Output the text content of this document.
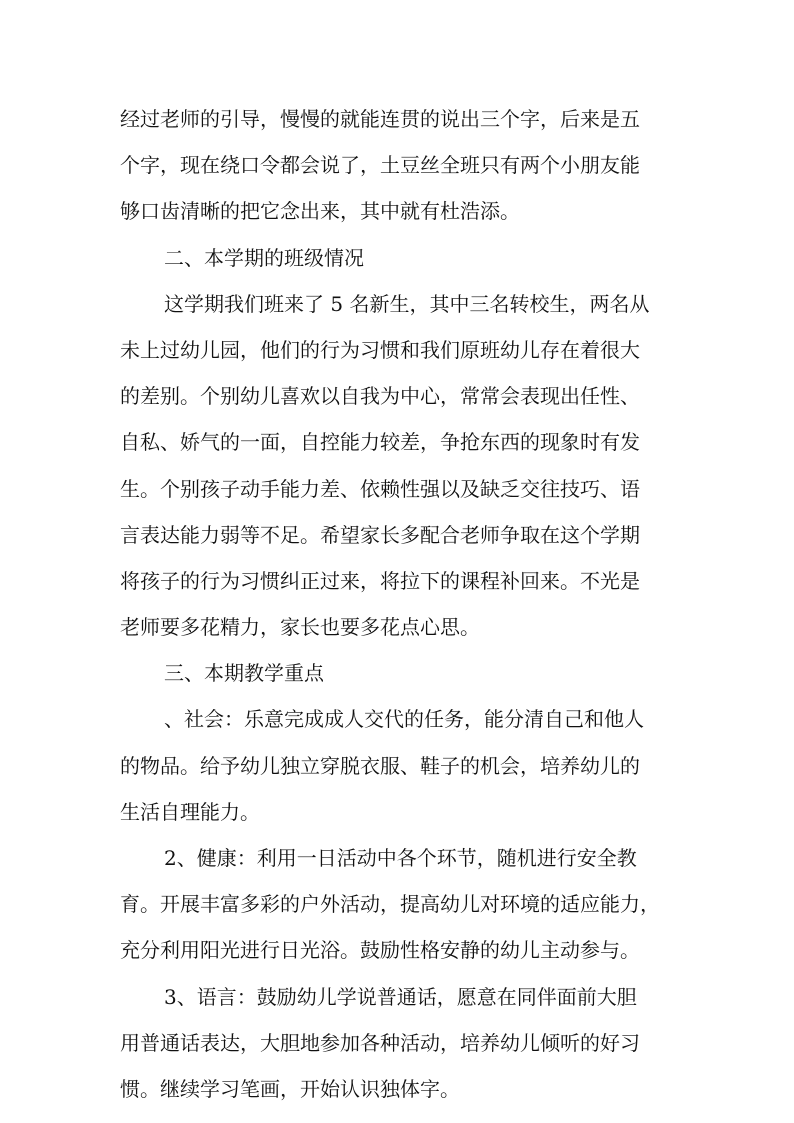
经过老师的引导，慢慢的就能连贯的说出三个字，后来是五
个字，现在绕口令都会说了，土豆丝全班只有两个小朋友能
够口齿清晰的把它念出来，其中就有杜浩添。
二、本学期的班级情况
这学期我们班来了 5 名新生，其中三名转校生，两名从
未上过幼儿园，他们的行为习惯和我们原班幼儿存在着很大
的差别。个别幼儿喜欢以自我为中心，常常会表现出任性、
自私、娇气的一面，自控能力较差，争抢东西的现象时有发
生。个别孩子动手能力差、依赖性强以及缺乏交往技巧、语
言表达能力弱等不足。希望家长多配合老师争取在这个学期
将孩子的行为习惯纠正过来，将拉下的课程补回来。不光是
老师要多花精力，家长也要多花点心思。
三、本期教学重点
、社会：乐意完成成人交代的任务，能分清自己和他人
的物品。给予幼儿独立穿脱衣服、鞋子的机会，培养幼儿的
生活自理能力。
2、健康：利用一日活动中各个环节，随机进行安全教
育。开展丰富多彩的户外活动，提高幼儿对环境的适应能力，
充分利用阳光进行日光浴。鼓励性格安静的幼儿主动参与。
3、语言：鼓励幼儿学说普通话，愿意在同伴面前大胆
用普通话表达，大胆地参加各种活动，培养幼儿倾听的好习
惯。继续学习笔画，开始认识独体字。
